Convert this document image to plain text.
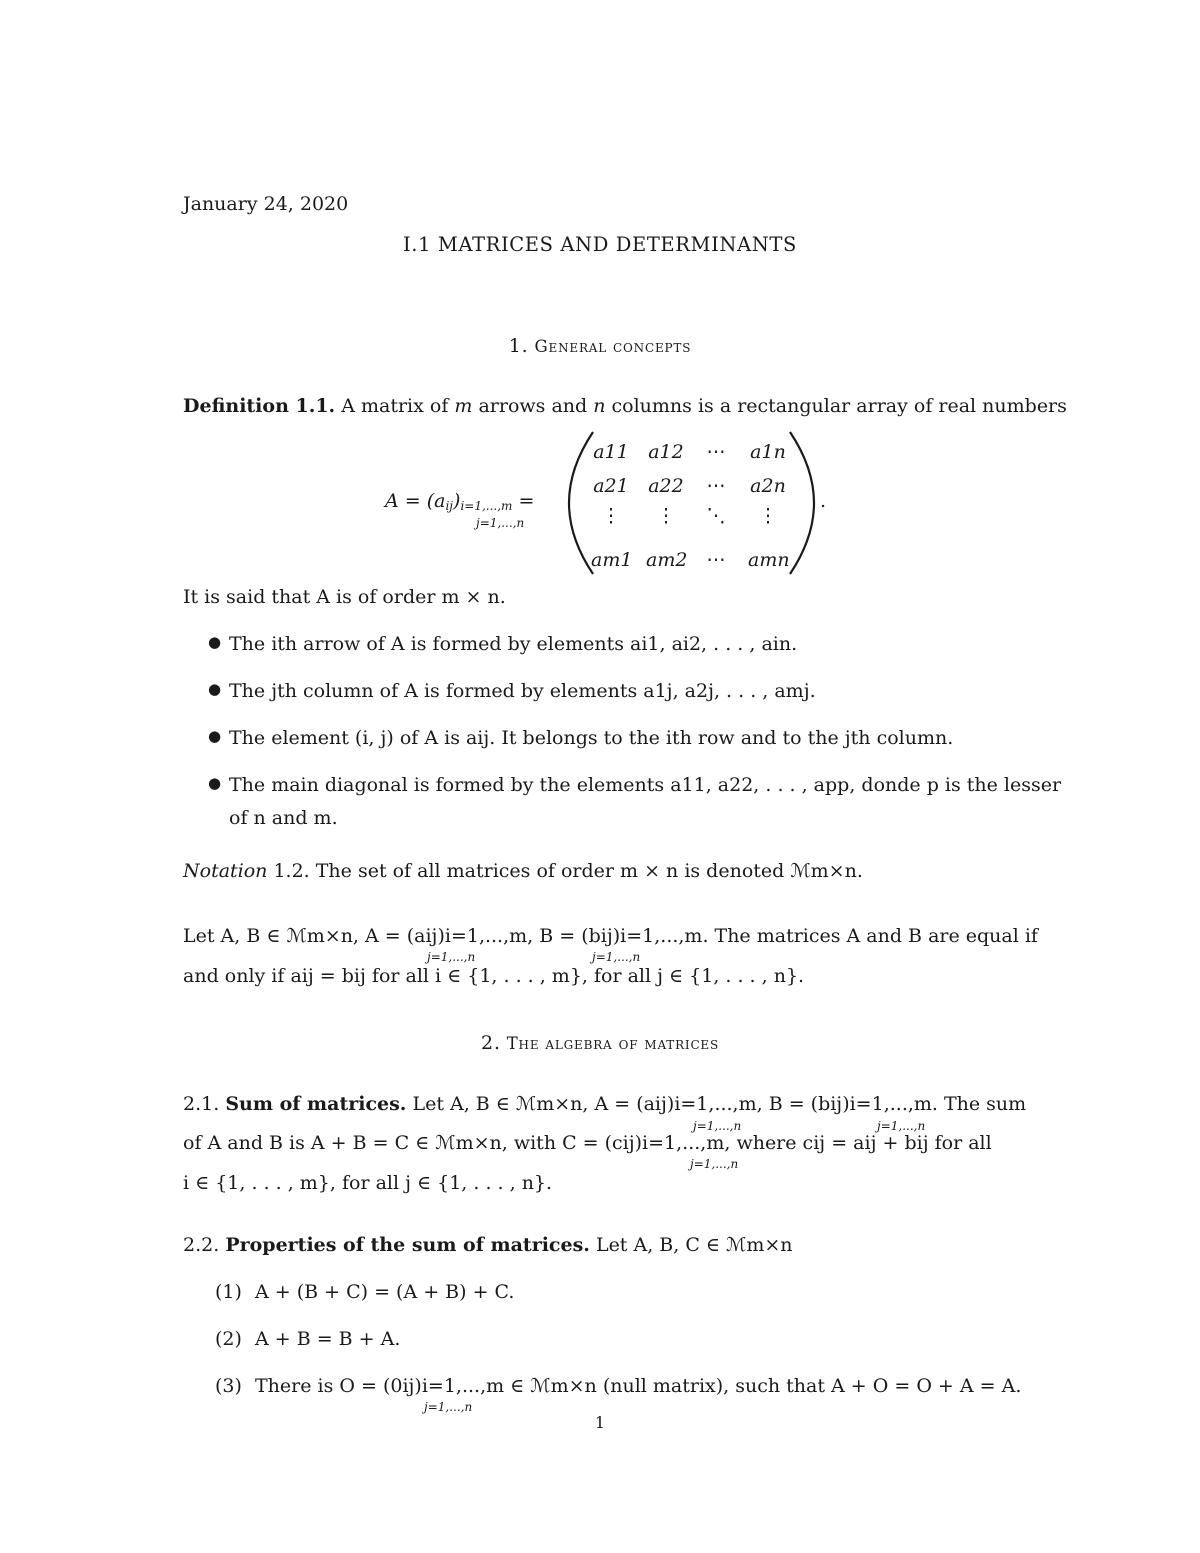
January 24, 2020
I.1 MATRICES AND DETERMINANTS
1. General concepts
Definition 1.1. A matrix of m arrows and n columns is a rectangular array of real numbers
$A = (a_{ij})_{i=1,...,m}$ =
j=1,...,n
a11 a12	⋯	a1n
a21 a22	⋯	a2n
⋮	⋮	⋱	⋮
am1 am2	⋯	amn
.
It is said that A is of order m × n.
● The ith arrow of A is formed by elements ai1, ai2, . . . , ain.
● The jth column of A is formed by elements a1j, a2j, . . . , amj.
● The element (i, j) of A is aij. It belongs to the ith row and to the jth column.
● The main diagonal is formed by the elements a11, a22, . . . , app, donde p is the lesser
of n and m.
Notation 1.2. The set of all matrices of order m × n is denoted ℳm×n.
Let A, B ∈ ℳm×n, A = (aij)i=1,...,m, B = (bij)i=1,...,m. The matrices A and B are equal if
j=1,...,n	j=1,...,n
and only if aij = bij for all i ∈ {1, . . . , m}, for all j ∈ {1, . . . , n}.
2. The algebra of matrices
2.1. Sum of matrices. Let A, B ∈ ℳm×n, A = (aij)i=1,...,m, B = (bij)i=1,...,m. The sum
j=1,...,n	j=1,...,n
of A and B is A + B = C ∈ ℳm×n, with C = (cij)i=1,...,m, where cij = aij + bij for all
j=1,...,n
i ∈ {1, . . . , m}, for all j ∈ {1, . . . , n}.
2.2. Properties of the sum of matrices. Let A, B, C ∈ ℳm×n
(1) A + (B + C) = (A + B) + C.
(2) A + B = B + A.
(3) There is O = (0ij)i=1,...,m ∈ ℳm×n (null matrix), such that A + O = O + A = A.
j=1,...,n
1
